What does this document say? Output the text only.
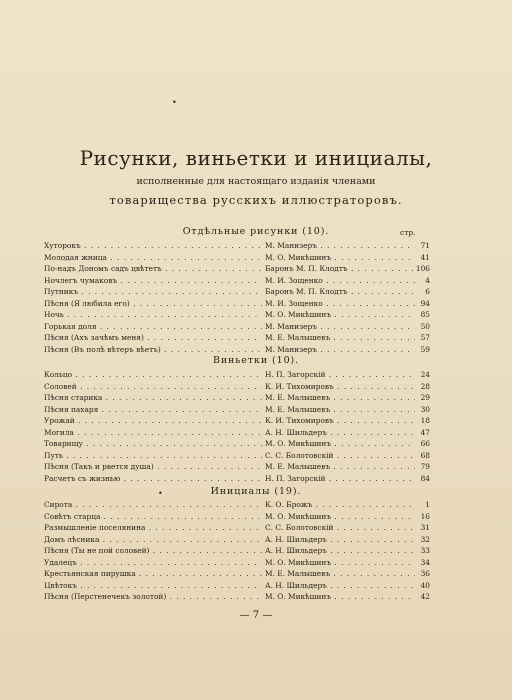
•
Рисунки, виньетки и инициалы,
исполненные для настоящаго изданія членами
товарищества русскихъ иллюстраторовъ.
стр.
Отдѣльные рисунки (10).
Хуторокъ . . .	М. Манизеръ . . .	71
Молодая жница . . .	М. О. Микѣшинъ . . .	41
По-надъ Дономъ садъ цвѣтетъ . . .	Баронъ М. П. Клодтъ . . .	106
Ночлегъ чумаковъ . . .	М. И. Зощенко . . .	4
Путникъ . . .	Баронъ М. П. Клодтъ . . .	6
Пѣсня (Я любила его) . . .	М. И. Зощенко . . .	94
Ночь . . .	М. О. Микѣшинъ . . .	85
Горькая доля . . .	М. Манизеръ . . .	50
Пѣсня (Ахъ зачѣмъ меня) . . .	М. Е. Малышевъ . . .	57
Пѣсня (Въ полѣ вѣтеръ вѣетъ) . . .	М. Манизеръ . . .	59
Виньетки (10).
Кольцо . . .	Н. П. Загорскій . . .	24
Соловей . . .	К. И. Тихомировъ . . .	28
Пѣсня старика . . .	М. Е. Малышевъ . . .	29
Пѣсня пахаря . . .	М. Е. Малышевъ . . .	30
Урожай . . .	К. И. Тихомировъ . . .	18
Могила . . .	А. Н. Шильдеръ . . .	47
Товарищу . . .	М. О. Микѣшинъ . . .	66
Путь . . .	С. С. Болотовскій . . .	68
Пѣсня (Такъ и рвется душа) . . .	М. Е. Малышевъ . . .	79
Расчетъ съ жизнью . . .	Н. П. Загорскій . . .	84
•	Инициалы (19).
Сирота . . .	К. О. Брожъ . . .	1
Совѣтъ старца . . .	М. О. Микѣшинъ . . .	16
Размышленіе поселянина . . .	С. С. Болотовскій . . .	31
Домъ лѣсника . . .	А. Н. Шильдеръ . . .	32
Пѣсня (Ты не пой соловей) . . .	А. Н. Шильдеръ . . .	33
Удалецъ . . .	М. О. Микѣшинъ . . .	34
Крестьянская пирушка . . .	М. Е. Малышевъ . . .	36
Цвѣтокъ . . .	А. Н. Шильдеръ . . .	40
Пѣсня (Перстенечекъ золотой) . . .	М. О. Микѣшинъ . . .	42
— 7 —
